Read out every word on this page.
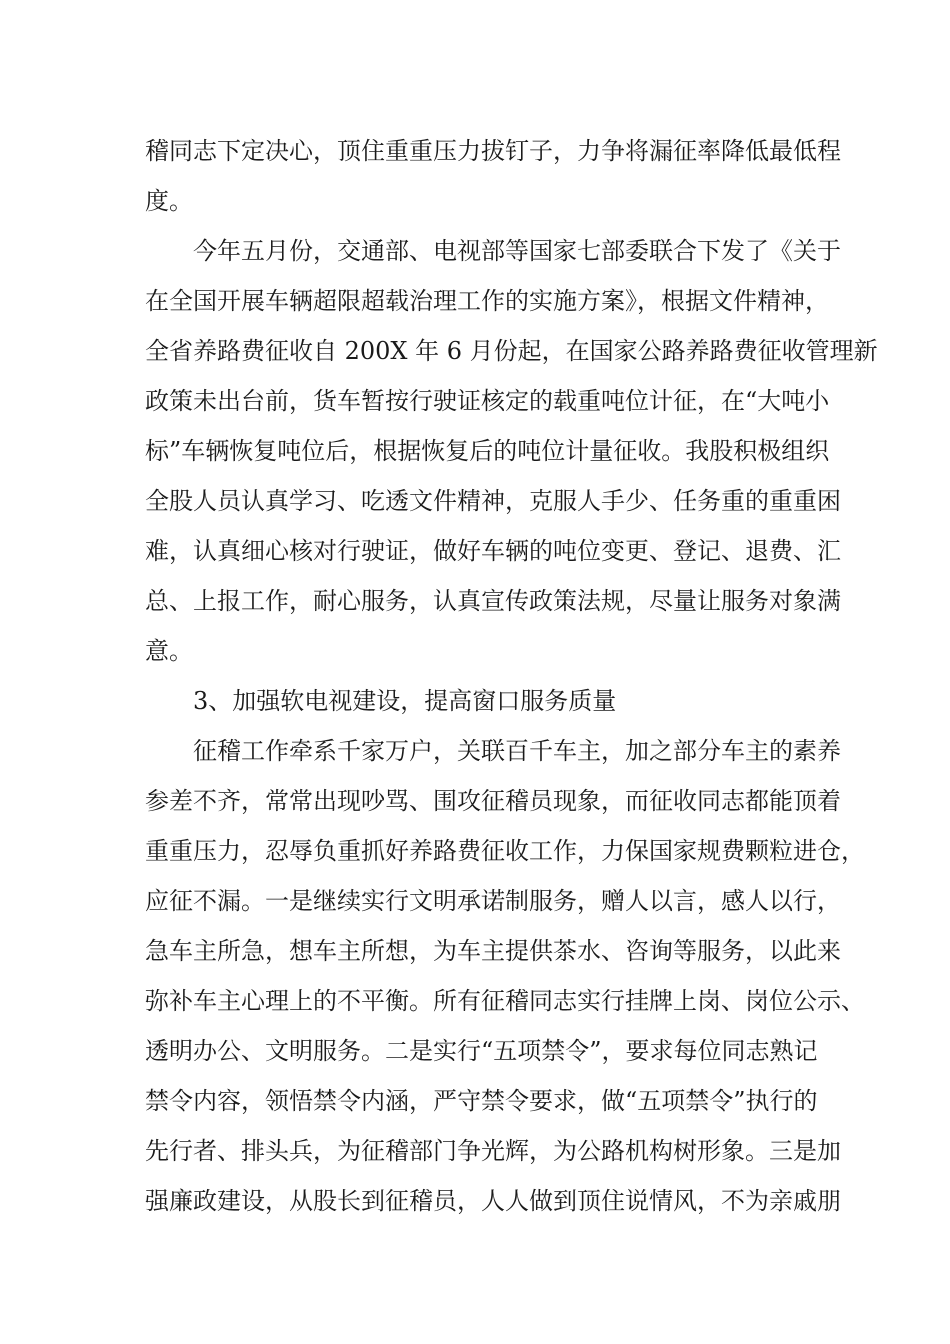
稽同志下定决心，顶住重重压力拔钉子，力争将漏征率降低最低程
度。
今年五月份，交通部、电视部等国家七部委联合下发了《关于
在全国开展车辆超限超载治理工作的实施方案》，根据文件精神，
全省养路费征收自 200X 年 6 月份起，在国家公路养路费征收管理新
政策未出台前，货车暂按行驶证核定的载重吨位计征，在“大吨小
标”车辆恢复吨位后，根据恢复后的吨位计量征收。我股积极组织
全股人员认真学习、吃透文件精神，克服人手少、任务重的重重困
难，认真细心核对行驶证，做好车辆的吨位变更、登记、退费、汇
总、上报工作，耐心服务，认真宣传政策法规，尽量让服务对象满
意。
3、加强软电视建设，提高窗口服务质量
征稽工作牵系千家万户，关联百千车主，加之部分车主的素养
参差不齐，常常出现吵骂、围攻征稽员现象，而征收同志都能顶着
重重压力，忍辱负重抓好养路费征收工作，力保国家规费颗粒进仓，
应征不漏。一是继续实行文明承诺制服务，赠人以言，感人以行，
急车主所急，想车主所想，为车主提供茶水、咨询等服务，以此来
弥补车主心理上的不平衡。所有征稽同志实行挂牌上岗、岗位公示、
透明办公、文明服务。二是实行“五项禁令”，要求每位同志熟记
禁令内容，领悟禁令内涵，严守禁令要求，做“五项禁令”执行的
先行者、排头兵，为征稽部门争光辉，为公路机构树形象。三是加
强廉政建设，从股长到征稽员，人人做到顶住说情风，不为亲戚朋
